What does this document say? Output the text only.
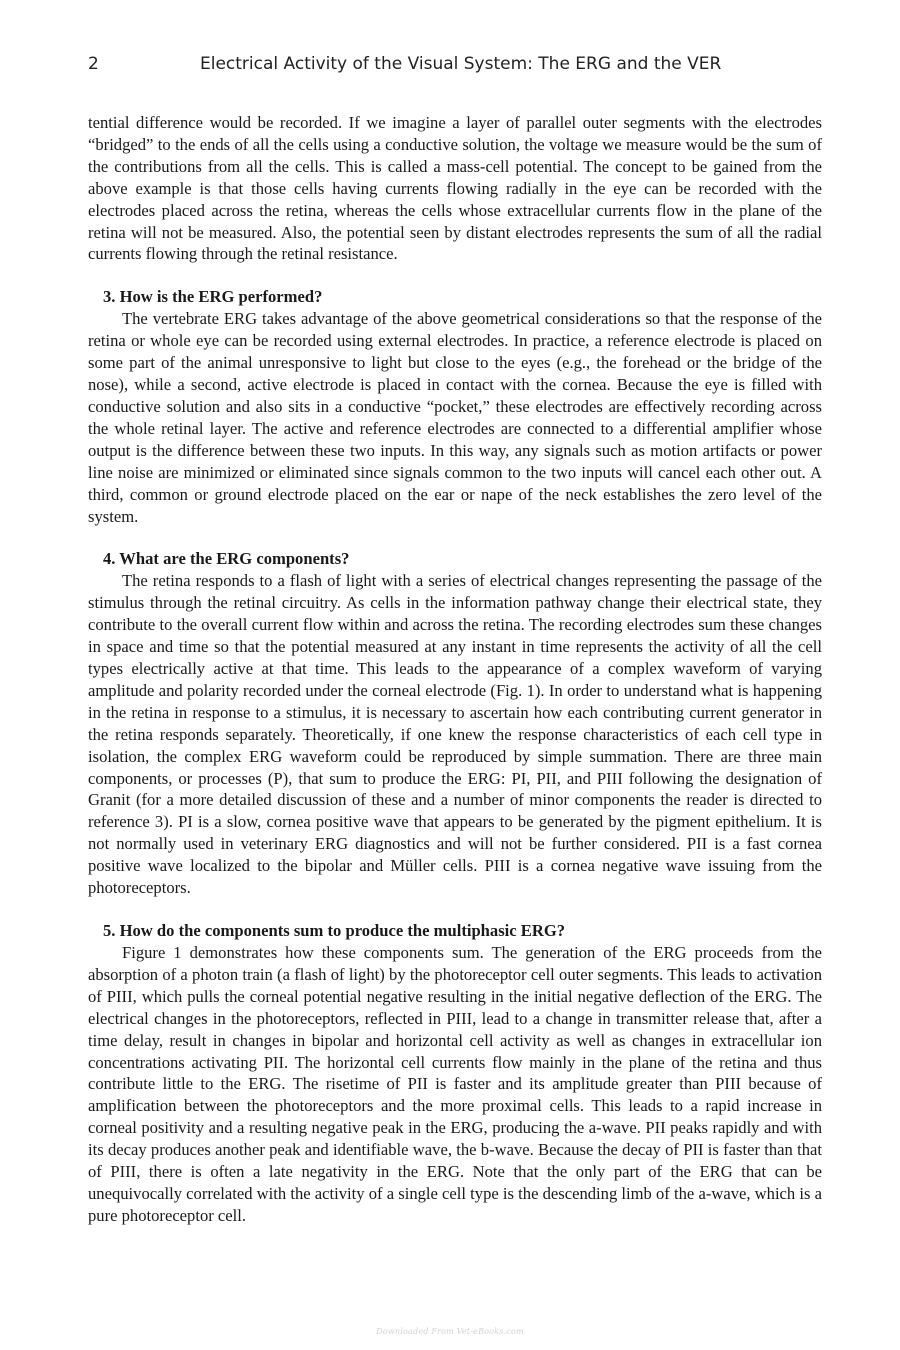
2	Electrical Activity of the Visual System: The ERG and the VER

tential difference would be recorded. If we imagine a layer of parallel outer segments with the electrodes “bridged” to the ends of all the cells using a conductive solution, the voltage we measure would be the sum of the contributions from all the cells. This is called a mass-cell potential. The concept to be gained from the above example is that those cells having currents flowing radially in the eye can be recorded with the electrodes placed across the retina, whereas the cells whose extracellular currents flow in the plane of the retina will not be measured. Also, the potential seen by distant electrodes represents the sum of all the radial currents flowing through the retinal resistance.

3. How is the ERG performed?

The vertebrate ERG takes advantage of the above geometrical considerations so that the response of the retina or whole eye can be recorded using external electrodes. In practice, a reference electrode is placed on some part of the animal unresponsive to light but close to the eyes (e.g., the forehead or the bridge of the nose), while a second, active electrode is placed in contact with the cornea. Because the eye is filled with conductive solution and also sits in a conductive “pocket,” these electrodes are effectively recording across the whole retinal layer. The active and reference electrodes are connected to a differential amplifier whose output is the difference between these two inputs. In this way, any signals such as motion artifacts or power line noise are minimized or eliminated since signals common to the two inputs will cancel each other out. A third, common or ground electrode placed on the ear or nape of the neck establishes the zero level of the system.

4. What are the ERG components?

The retina responds to a flash of light with a series of electrical changes representing the passage of the stimulus through the retinal circuitry. As cells in the information pathway change their electrical state, they contribute to the overall current flow within and across the retina. The recording electrodes sum these changes in space and time so that the potential measured at any instant in time represents the activity of all the cell types electrically active at that time. This leads to the appearance of a complex waveform of varying amplitude and polarity recorded under the corneal electrode (Fig. 1). In order to understand what is happening in the retina in response to a stimulus, it is necessary to ascertain how each contributing current generator in the retina responds separately. Theoretically, if one knew the response characteristics of each cell type in isolation, the complex ERG waveform could be reproduced by simple summation. There are three main components, or processes (P), that sum to produce the ERG: PI, PII, and PIII following the designation of Granit (for a more detailed discussion of these and a number of minor components the reader is directed to reference 3). PI is a slow, cornea positive wave that appears to be generated by the pigment epithelium. It is not normally used in veterinary ERG diagnostics and will not be further considered. PII is a fast cornea positive wave localized to the bipolar and Müller cells. PIII is a cornea negative wave issuing from the photoreceptors.

5. How do the components sum to produce the multiphasic ERG?

Figure 1 demonstrates how these components sum. The generation of the ERG proceeds from the absorption of a photon train (a flash of light) by the photoreceptor cell outer segments. This leads to activation of PIII, which pulls the corneal potential negative resulting in the initial negative deflection of the ERG. The electrical changes in the photoreceptors, reflected in PIII, lead to a change in transmitter release that, after a time delay, result in changes in bipolar and horizontal cell activity as well as changes in extracellular ion concentrations activating PII. The horizontal cell currents flow mainly in the plane of the retina and thus contribute little to the ERG. The risetime of PII is faster and its amplitude greater than PIII because of amplification between the photoreceptors and the more proximal cells. This leads to a rapid increase in corneal positivity and a resulting negative peak in the ERG, producing the a-wave. PII peaks rapidly and with its decay produces another peak and identifiable wave, the b-wave. Because the decay of PII is faster than that of PIII, there is often a late negativity in the ERG. Note that the only part of the ERG that can be unequivocally correlated with the activity of a single cell type is the descending limb of the a-wave, which is a pure photoreceptor cell.

Downloaded From Vet-eBooks.com
